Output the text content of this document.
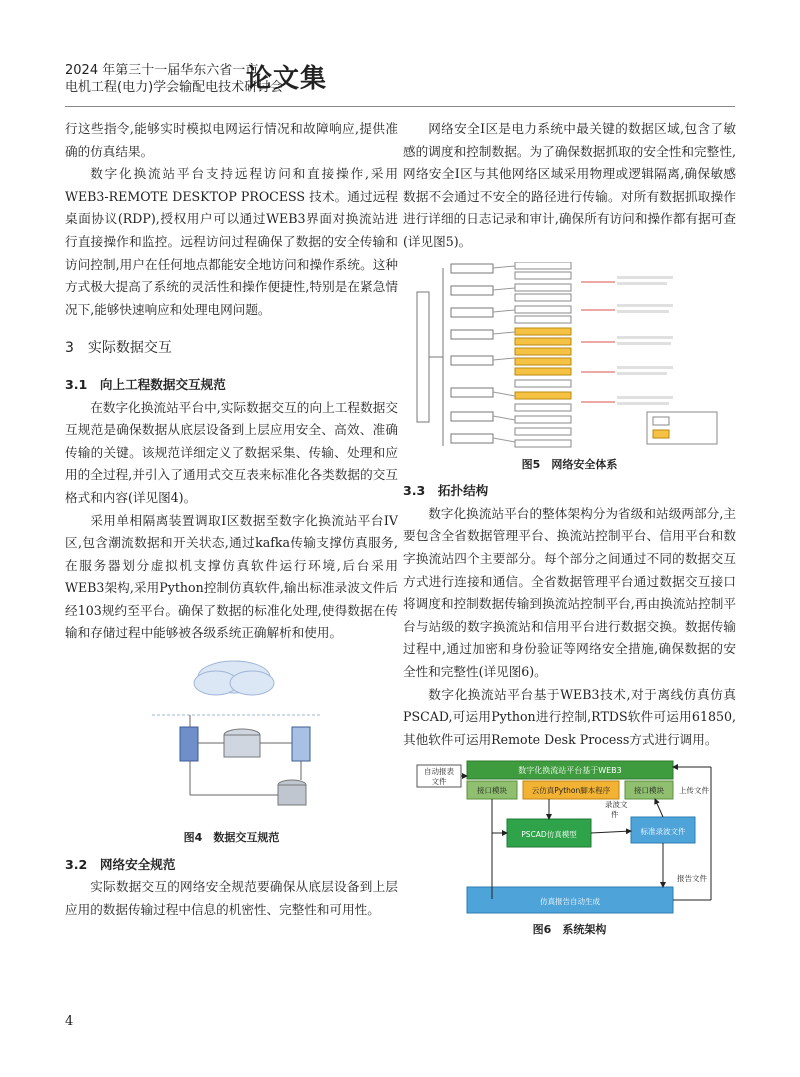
2024 年第三十一届华东六省一市
电机工程(电力)学会输配电技术研讨会
论文集

行这些指令,能够实时模拟电网运行情况和故障响应,提供准确的仿真结果。

数字化换流站平台支持远程访问和直接操作,采用 WEB3-REMOTE DESKTOP PROCESS 技术。通过远程桌面协议(RDP),授权用户可以通过WEB3界面对换流站进行直接操作和监控。远程访问过程确保了数据的安全传输和访问控制,用户在任何地点都能安全地访问和操作系统。这种方式极大提高了系统的灵活性和操作便捷性,特别是在紧急情况下,能够快速响应和处理电网问题。

3　实际数据交互

3.1　向上工程数据交互规范

在数字化换流站平台中,实际数据交互的向上工程数据交互规范是确保数据从底层设备到上层应用安全、高效、准确传输的关键。该规范详细定义了数据采集、传输、处理和应用的全过程,并引入了通用式交互表来标准化各类数据的交互格式和内容(详见图4)。

采用单相隔离装置调取I区数据至数字化换流站平台IV区,包含潮流数据和开关状态,通过kafka传输支撑仿真服务,在服务器划分虚拟机支撑仿真软件运行环境,后台采用WEB3架构,采用Python控制仿真软件,输出标准录波文件后经103规约至平台。确保了数据的标准化处理,使得数据在传输和存储过程中能够被各级系统正确解析和使用。

图4　数据交互规范

3.2　网络安全规范

实际数据交互的网络安全规范要确保从底层设备到上层应用的数据传输过程中信息的机密性、完整性和可用性。

网络安全I区是电力系统中最关键的数据区域,包含了敏感的调度和控制数据。为了确保数据抓取的安全性和完整性,网络安全I区与其他网络区域采用物理或逻辑隔离,确保敏感数据不会通过不安全的路径进行传输。对所有数据抓取操作进行详细的日志记录和审计,确保所有访问和操作都有据可查(详见图5)。

图5　网络安全体系

3.3　拓扑结构

数字化换流站平台的整体架构分为省级和站级两部分,主要包含全省数据管理平台、换流站控制平台、信用平台和数字换流站四个主要部分。每个部分之间通过不同的数据交互方式进行连接和通信。全省数据管理平台通过数据交互接口将调度和控制数据传输到换流站控制平台,再由换流站控制平台与站级的数字换流站和信用平台进行数据交换。数据传输过程中,通过加密和身份验证等网络安全措施,确保数据的安全性和完整性(详见图6)。

数字化换流站平台基于WEB3技术,对于离线仿真仿真PSCAD,可运用Python进行控制,RTDS软件可运用61850,其他软件可运用Remote Desk Process方式进行调用。

数字化换流站平台基于WEB3
接口模块	云仿真Python脚本程序	接口模块
PSCAD仿真模型	标准录波文件
仿真报告自动生成
自动报表
文件
上传文件
录波文
件
报告文件

图6　系统架构

4
